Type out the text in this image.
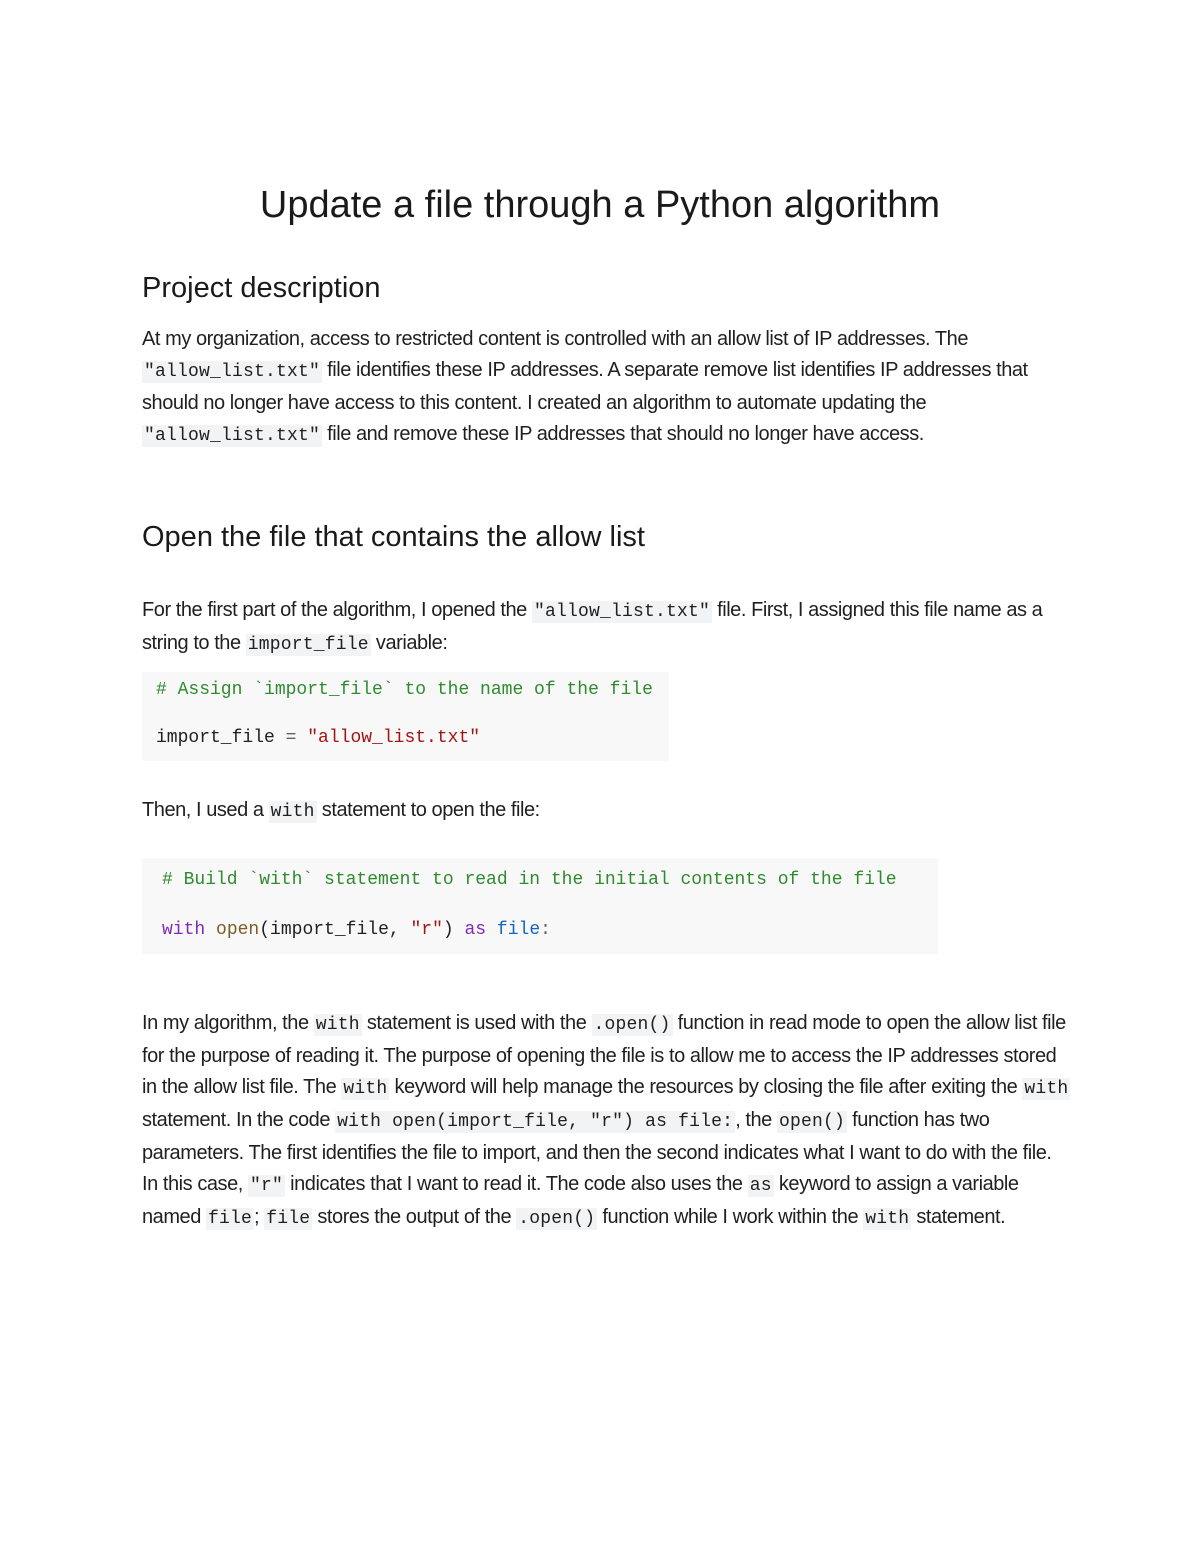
Update a file through a Python algorithm
Project description

At my organization, access to restricted content is controlled with an allow list of IP addresses. The "allow_list.txt" file identifies these IP addresses. A separate remove list identifies IP addresses that should no longer have access to this content. I created an algorithm to automate updating the "allow_list.txt" file and remove these IP addresses that should no longer have access.

Open the file that contains the allow list

For the first part of the algorithm, I opened the "allow_list.txt" file. First, I assigned this file name as a string to the import_file variable:

# Assign `import_file` to the name of the file
import_file = "allow_list.txt"

Then, I used a with statement to open the file:

# Build `with` statement to read in the initial contents of the file
with open(import_file, "r") as file:

In my algorithm, the with statement is used with the .open() function in read mode to open the allow list file for the purpose of reading it. The purpose of opening the file is to allow me to access the IP addresses stored in the allow list file. The with keyword will help manage the resources by closing the file after exiting the with statement. In the code with open(import_file, "r") as file: , the open() function has two parameters. The first identifies the file to import, and then the second indicates what I want to do with the file. In this case, "r" indicates that I want to read it. The code also uses the as keyword to assign a variable named file ; file stores the output of the .open() function while I work within the with statement.
